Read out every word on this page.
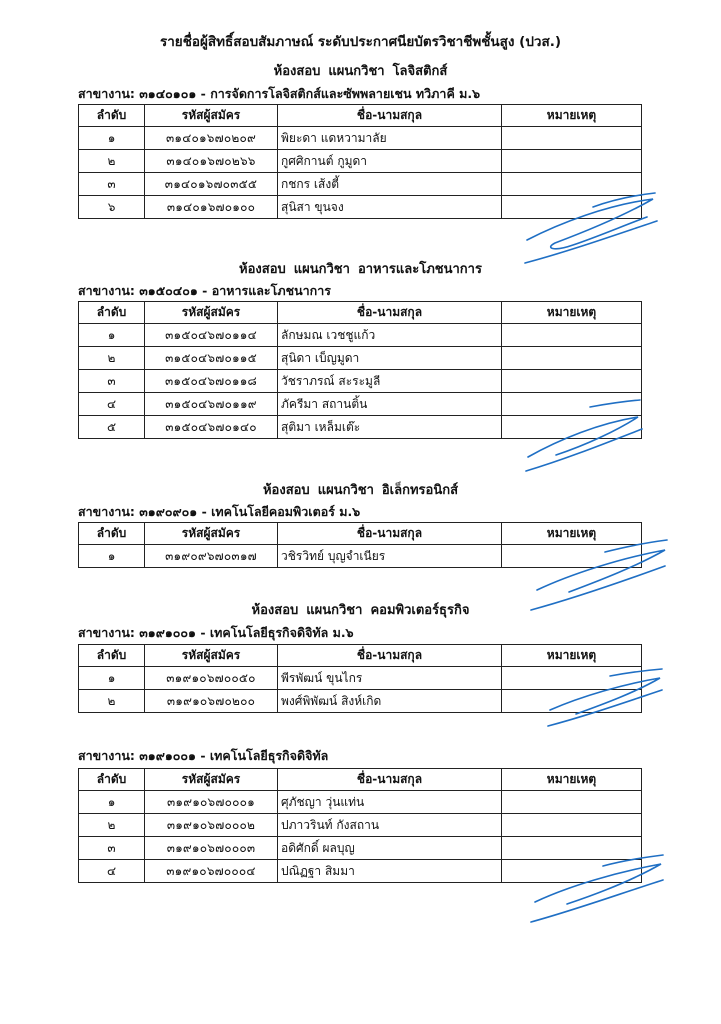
รายชื่อผู้สิทธิ์สอบสัมภาษณ์ ระดับประกาศนียบัตรวิชาชีพชั้นสูง (ปวส.)
ห้องสอบ แผนกวิชา โลจิสติกส์
สาขางาน: ๓๑๔๐๑๐๑ - การจัดการโลจิสติกส์และซัพพลายเชน ทวิภาคี ม.๖
ลำดับ	รหัสผู้สมัคร	ชื่อ-นามสกุล	หมายเหตุ
๑	๓๑๔๐๑๖๗๐๒๐๙	พิยะดา แดหวามาลัย	
๒	๓๑๔๐๑๖๗๐๒๖๖	กูศศิกานต์ กูมูดา	
๓	๓๑๔๐๑๖๗๐๓๕๕	กชกร เส้งตี้	
๖	๓๑๔๐๑๖๗๐๑๐๐	สุนิสา ขุนจง	
ห้องสอบ แผนกวิชา อาหารและโภชนาการ
สาขางาน: ๓๑๕๐๔๐๑ - อาหารและโภชนาการ
ลำดับ	รหัสผู้สมัคร	ชื่อ-นามสกุล	หมายเหตุ
๑	๓๑๕๐๔๖๗๐๑๑๔	ลักษมณ เวชชูแก้ว	
๒	๓๑๕๐๔๖๗๐๑๑๕	สุนิดา เบ็ญมูดา	
๓	๓๑๕๐๔๖๗๐๑๑๘	วัชราภรณ์ สะระมูลี	
๔	๓๑๕๐๔๖๗๐๑๑๙	ภัครีมา สถานติ้น	
๕	๓๑๕๐๔๖๗๐๑๔๐	สุติมา เหล็มเต๊ะ	
ห้องสอบ แผนกวิชา อิเล็กทรอนิกส์
สาขางาน: ๓๑๙๐๙๐๑ - เทคโนโลยีคอมพิวเตอร์ ม.๖
ลำดับ	รหัสผู้สมัคร	ชื่อ-นามสกุล	หมายเหตุ
๑	๓๑๙๐๙๖๗๐๓๑๗	วชิรวิทย์ บุญจำเนียร	
ห้องสอบ แผนกวิชา คอมพิวเตอร์ธุรกิจ
สาขางาน: ๓๑๙๑๐๐๑ - เทคโนโลยีธุรกิจดิจิทัล ม.๖
ลำดับ	รหัสผู้สมัคร	ชื่อ-นามสกุล	หมายเหตุ
๑	๓๑๙๑๐๖๗๐๐๕๐	พีรพัฒน์ ขุนไกร	
๒	๓๑๙๑๐๖๗๐๒๐๐	พงศ์พิพัฒน์ สิงห์เกิด	
สาขางาน: ๓๑๙๑๐๐๑ - เทคโนโลยีธุรกิจดิจิทัล
ลำดับ	รหัสผู้สมัคร	ชื่อ-นามสกุล	หมายเหตุ
๑	๓๑๙๑๐๖๗๐๐๐๑	ศุภัชญา วุ่นแท่น	
๒	๓๑๙๑๐๖๗๐๐๐๒	ปภาวรินท์ กังสถาน	
๓	๓๑๙๑๐๖๗๐๐๐๓	อดิศักดิ์ ผลบุญ	
๔	๓๑๙๑๐๖๗๐๐๐๔	ปณิฏฐา สิมมา	
